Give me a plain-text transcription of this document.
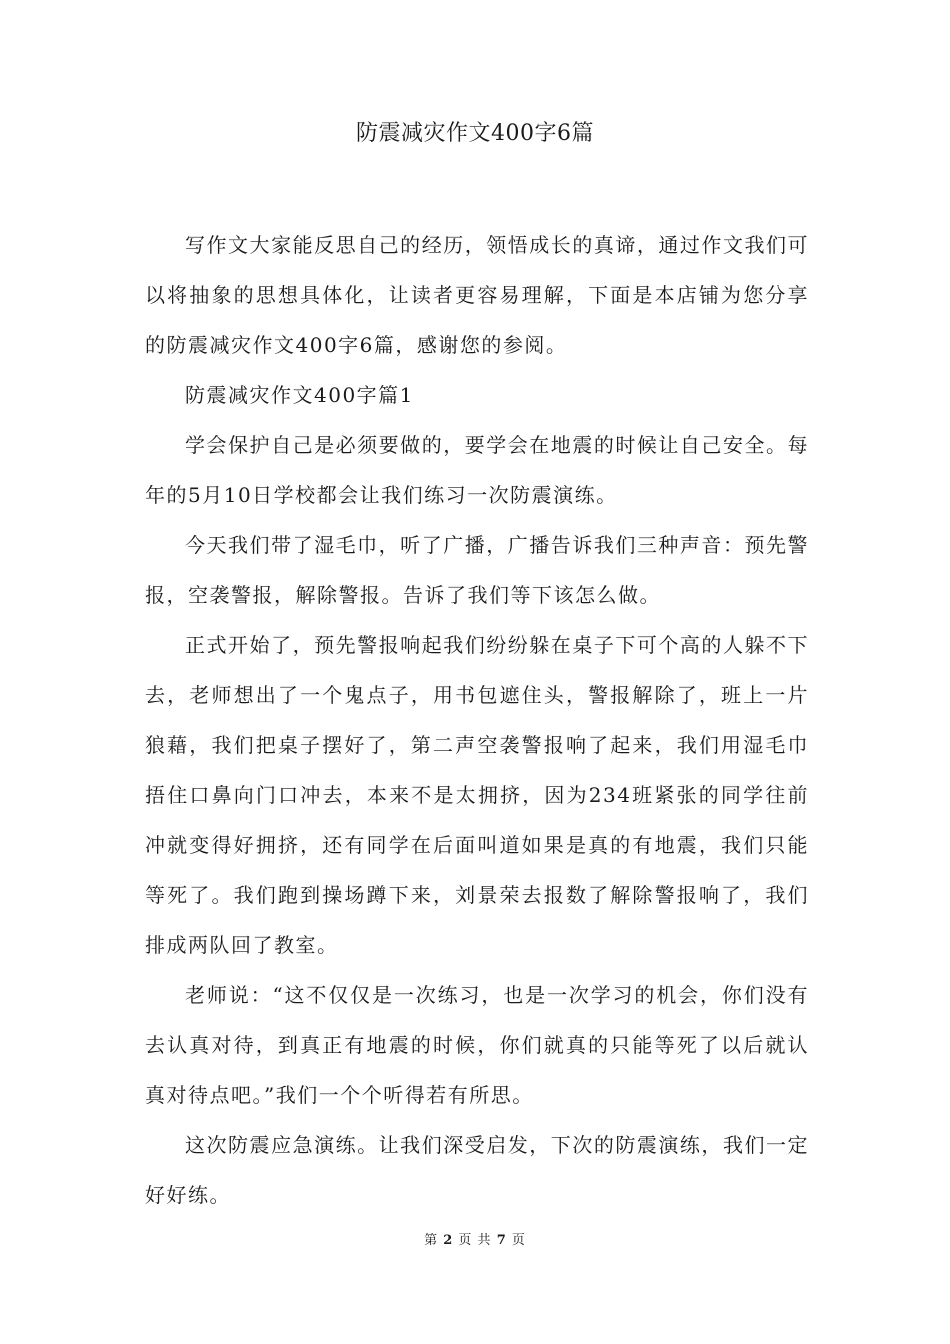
防震减灾作文400字6篇

写作文大家能反思自己的经历，领悟成长的真谛，通过作文我们可以将抽象的思想具体化，让读者更容易理解，下面是本店铺为您分享的防震减灾作文400字6篇，感谢您的参阅。

防震减灾作文400字篇1

学会保护自己是必须要做的，要学会在地震的时候让自己安全。每年的5月10日学校都会让我们练习一次防震演练。

今天我们带了湿毛巾，听了广播，广播告诉我们三种声音：预先警报，空袭警报，解除警报。告诉了我们等下该怎么做。

正式开始了，预先警报响起我们纷纷躲在桌子下可个高的人躲不下去，老师想出了一个鬼点子，用书包遮住头，警报解除了，班上一片狼藉，我们把桌子摆好了，第二声空袭警报响了起来，我们用湿毛巾捂住口鼻向门口冲去，本来不是太拥挤，因为234班紧张的同学往前冲就变得好拥挤，还有同学在后面叫道如果是真的有地震，我们只能等死了。我们跑到操场蹲下来，刘景荣去报数了解除警报响了，我们排成两队回了教室。

老师说：“这不仅仅是一次练习，也是一次学习的机会，你们没有去认真对待，到真正有地震的时候，你们就真的只能等死了以后就认真对待点吧。”我们一个个听得若有所思。

这次防震应急演练。让我们深受启发，下次的防震演练，我们一定好好练。

第 2 页 共 7 页
